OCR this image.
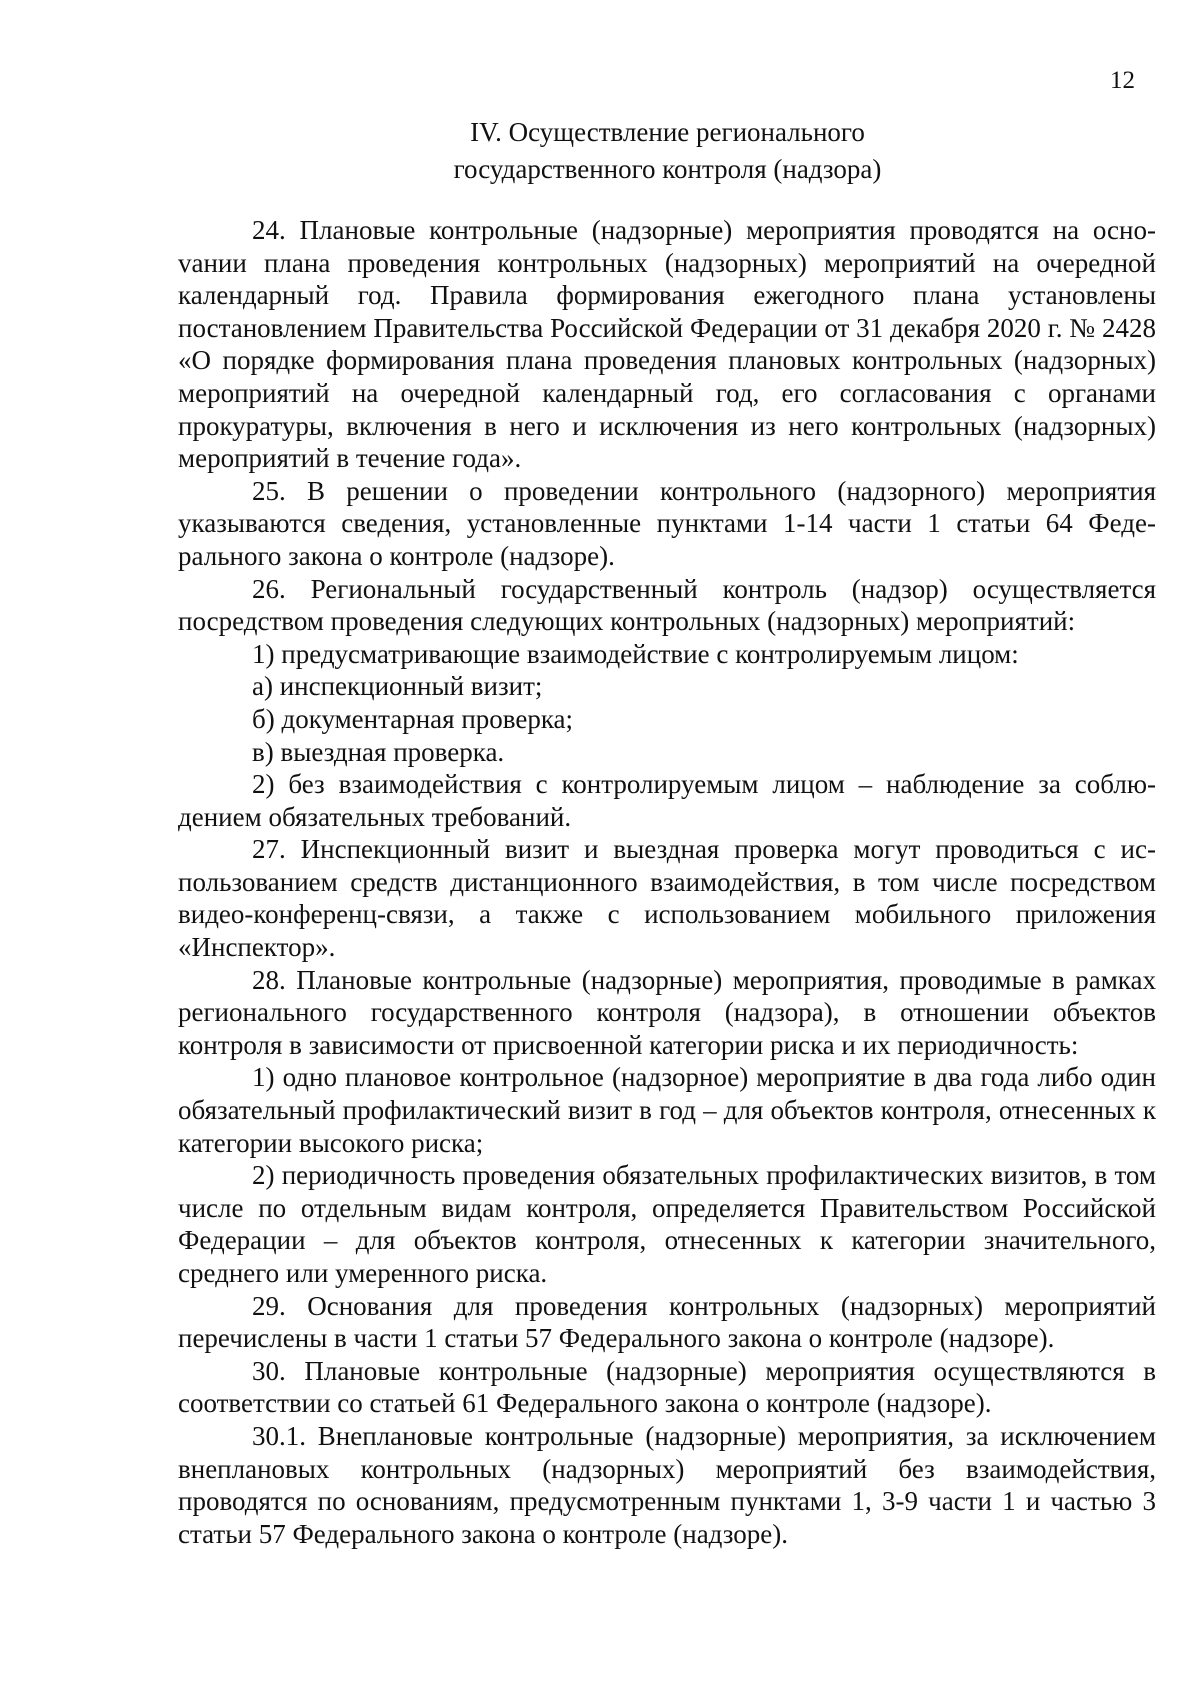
12
IV. Осуществление регионального
государственного контроля (надзора)

24. Плановые контрольные (надзорные) мероприятия проводятся на осноvании плана проведения контрольных (надзорных) мероприятий на очередной календарный год. Правила формирования ежегодного плана установлены постановлением Правительства Российской Федерации от 31 декабря 2020 г. № 2428 «О порядке формирования плана проведения плановых контрольных (надзорных) мероприятий на очередной календарный год, его согласования с органами прокуратуры, включения в него и исключения из него контрольных (надзорных) мероприятий в течение года».

25. В решении о проведении контрольного (надзорного) мероприятия указываются сведения, установленные пунктами 1-14 части 1 статьи 64 Федерального закона о контроле (надзоре).

26. Региональный государственный контроль (надзор) осуществляется посредством проведения следующих контрольных (надзорных) мероприятий:

1) предусматривающие взаимодействие с контролируемым лицом:

а) инспекционный визит;

б) документарная проверка;

в) выездная проверка.

2) без взаимодействия с контролируемым лицом – наблюдение за соблюдением обязательных требований.

27. Инспекционный визит и выездная проверка могут проводиться с использованием средств дистанционного взаимодействия, в том числе посредством видео-конференц-связи, а также с использованием мобильного приложения «Инспектор».

28. Плановые контрольные (надзорные) мероприятия, проводимые в рамках регионального государственного контроля (надзора), в отношении объектов контроля в зависимости от присвоенной категории риска и их периодичность:

1) одно плановое контрольное (надзорное) мероприятие в два года либо один обязательный профилактический визит в год – для объектов контроля, отнесенных к категории высокого риска;

2) периодичность проведения обязательных профилактических визитов, в том числе по отдельным видам контроля, определяется Правительством Российской Федерации – для объектов контроля, отнесенных к категории значительного, среднего или умеренного риска.

29. Основания для проведения контрольных (надзорных) мероприятий перечислены в части 1 статьи 57 Федерального закона о контроле (надзоре).

30. Плановые контрольные (надзорные) мероприятия осуществляются в соответствии со статьей 61 Федерального закона о контроле (надзоре).

30.1. Внеплановые контрольные (надзорные) мероприятия, за исключением внеплановых контрольных (надзорных) мероприятий без взаимодействия, проводятся по основаниям, предусмотренным пунктами 1, 3-9 части 1 и частью 3 статьи 57 Федерального закона о контроле (надзоре).
